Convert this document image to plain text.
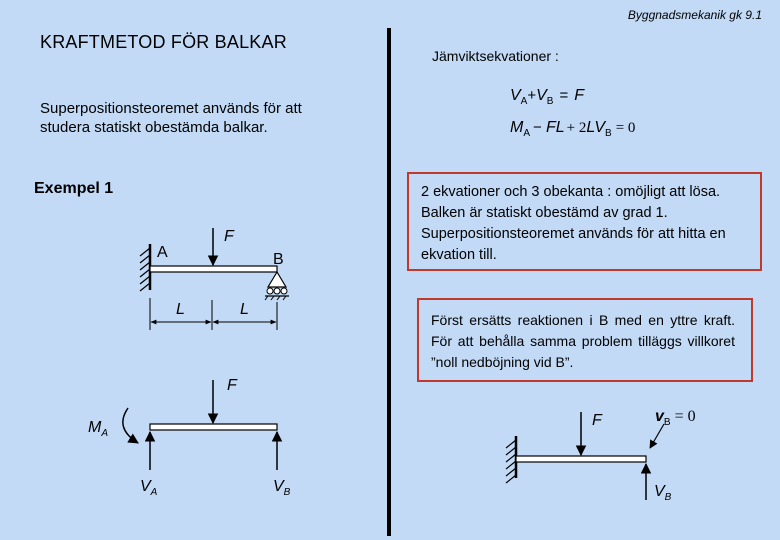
Byggnadsmekanik gk 9.1
KRAFTMETOD FÖR BALKAR
Superpositionsteoremet används för att studera statiskt obestämda balkar.
Exempel 1
Jämviktsekvationer :
$V_A+V_B = F$
$M_A$ − FL + $2LV_B = 0$
2 ekvationer och 3 obekanta : omöjligt att lösa. Balken är statiskt obestämd av grad 1. Superpositionsteoremet används för att hitta en ekvation till.
Först ersätts reaktionen i B med en yttre kraft. För att behålla samma problem tilläggs villkoret ”noll nedböjning vid B”.
F
A	B
L	L
F
$M_A$
$V_A$	$V_B$
F
$V_B$
$v_B = 0$
